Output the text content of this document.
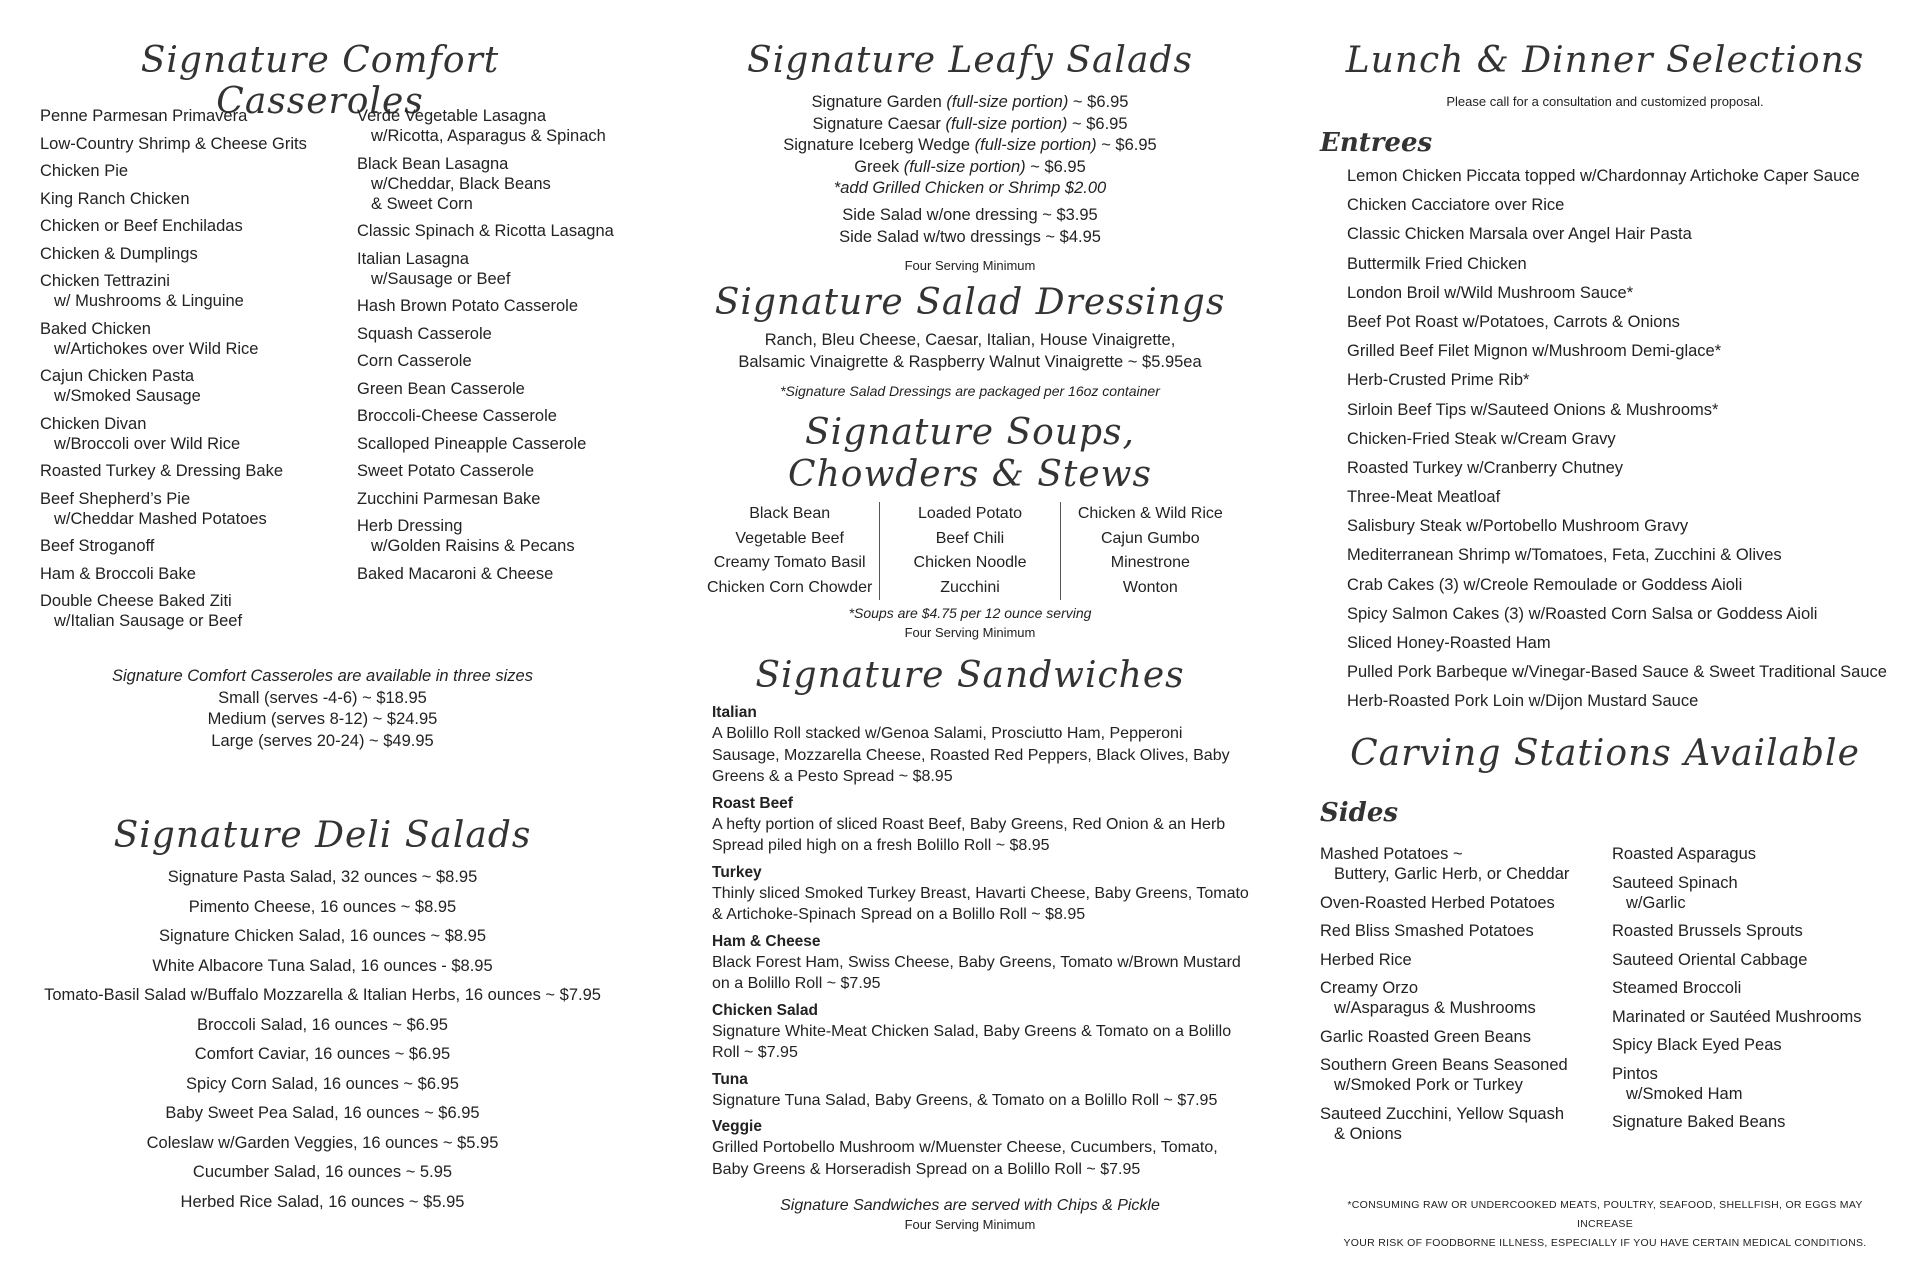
Signature Comfort Casseroles
Penne Parmesan Primavera
Low-Country Shrimp & Cheese Grits
Chicken Pie
King Ranch Chicken
Chicken or Beef Enchiladas
Chicken & Dumplings
Chicken Tettrazini
w/ Mushrooms & Linguine
Baked Chicken
w/Artichokes over Wild Rice
Cajun Chicken Pasta
w/Smoked Sausage
Chicken Divan
w/Broccoli over Wild Rice
Roasted Turkey & Dressing Bake
Beef Shepherd’s Pie
w/Cheddar Mashed Potatoes
Beef Stroganoff
Ham & Broccoli Bake
Double Cheese Baked Ziti
w/Italian Sausage or Beef
Verde Vegetable Lasagna
w/Ricotta, Asparagus & Spinach
Black Bean Lasagna
w/Cheddar, Black Beans
& Sweet Corn
Classic Spinach & Ricotta Lasagna
Italian Lasagna
w/Sausage or Beef
Hash Brown Potato Casserole
Squash Casserole
Corn Casserole
Green Bean Casserole
Broccoli-Cheese Casserole
Scalloped Pineapple Casserole
Sweet Potato Casserole
Zucchini Parmesan Bake
Herb Dressing
w/Golden Raisins & Pecans
Baked Macaroni & Cheese
Signature Comfort Casseroles are available in three sizes
Small (serves -4-6) ~ $18.95
Medium (serves 8-12) ~ $24.95
Large (serves 20-24) ~ $49.95
Signature Deli Salads
Signature Pasta Salad, 32 ounces ~ $8.95
Pimento Cheese, 16 ounces ~ $8.95
Signature Chicken Salad, 16 ounces ~ $8.95
White Albacore Tuna Salad, 16 ounces - $8.95
Tomato-Basil Salad w/Buffalo Mozzarella & Italian Herbs, 16 ounces ~ $7.95
Broccoli Salad, 16 ounces ~ $6.95
Comfort Caviar, 16 ounces ~ $6.95
Spicy Corn Salad, 16 ounces ~ $6.95
Baby Sweet Pea Salad, 16 ounces ~ $6.95
Coleslaw w/Garden Veggies, 16 ounces ~ $5.95
Cucumber Salad, 16 ounces ~ 5.95
Herbed Rice Salad, 16 ounces ~ $5.95
Signature Leafy Salads
Signature Garden (full-size portion) ~ $6.95
Signature Caesar (full-size portion) ~ $6.95
Signature Iceberg Wedge (full-size portion) ~ $6.95
Greek (full-size portion) ~ $6.95
*add Grilled Chicken or Shrimp $2.00
Side Salad w/one dressing ~ $3.95
Side Salad w/two dressings ~ $4.95
Four Serving Minimum
Signature Salad Dressings
Ranch, Bleu Cheese, Caesar, Italian, House Vinaigrette,
Balsamic Vinaigrette & Raspberry Walnut Vinaigrette ~ $5.95ea
*Signature Salad Dressings are packaged per 16oz container
Signature Soups,
Chowders & Stews
Black Bean
Vegetable Beef
Creamy Tomato Basil
Chicken Corn Chowder
Loaded Potato
Beef Chili
Chicken Noodle
Zucchini
Chicken & Wild Rice
Cajun Gumbo
Minestrone
Wonton
*Soups are $4.75 per 12 ounce serving
Four Serving Minimum
Signature Sandwiches
Italian
A Bolillo Roll stacked w/Genoa Salami, Prosciutto Ham, Pepperoni Sausage, Mozzarella Cheese, Roasted Red Peppers, Black Olives, Baby Greens & a Pesto Spread ~ $8.95
Roast Beef
A hefty portion of sliced Roast Beef, Baby Greens, Red Onion & an Herb Spread piled high on a fresh Bolillo Roll ~ $8.95
Turkey
Thinly sliced Smoked Turkey Breast, Havarti Cheese, Baby Greens, Tomato & Artichoke-Spinach Spread on a Bolillo Roll ~ $8.95
Ham & Cheese
Black Forest Ham, Swiss Cheese, Baby Greens, Tomato w/Brown Mustard on a Bolillo Roll ~ $7.95
Chicken Salad
Signature White-Meat Chicken Salad, Baby Greens & Tomato on a Bolillo Roll ~ $7.95
Tuna
Signature Tuna Salad, Baby Greens, & Tomato on a Bolillo Roll ~ $7.95
Veggie
Grilled Portobello Mushroom w/Muenster Cheese, Cucumbers, Tomato, Baby Greens & Horseradish Spread on a Bolillo Roll ~ $7.95
Signature Sandwiches are served with Chips & Pickle
Four Serving Minimum
Lunch & Dinner Selections
Please call for a consultation and customized proposal.
Entrees
Lemon Chicken Piccata topped w/Chardonnay Artichoke Caper Sauce
Chicken Cacciatore over Rice
Classic Chicken Marsala over Angel Hair Pasta
Buttermilk Fried Chicken
London Broil w/Wild Mushroom Sauce*
Beef Pot Roast w/Potatoes, Carrots & Onions
Grilled Beef Filet Mignon w/Mushroom Demi-glace*
Herb-Crusted Prime Rib*
Sirloin Beef Tips w/Sauteed Onions & Mushrooms*
Chicken-Fried Steak w/Cream Gravy
Roasted Turkey w/Cranberry Chutney
Three-Meat Meatloaf
Salisbury Steak w/Portobello Mushroom Gravy
Mediterranean Shrimp w/Tomatoes, Feta, Zucchini & Olives
Crab Cakes (3) w/Creole Remoulade or Goddess Aioli
Spicy Salmon Cakes (3) w/Roasted Corn Salsa or Goddess Aioli
Sliced Honey-Roasted Ham
Pulled Pork Barbeque w/Vinegar-Based Sauce & Sweet Traditional Sauce
Herb-Roasted Pork Loin w/Dijon Mustard Sauce
Carving Stations Available
Sides
Mashed Potatoes ~
Buttery, Garlic Herb, or Cheddar
Oven-Roasted Herbed Potatoes
Red Bliss Smashed Potatoes
Herbed Rice
Creamy Orzo
w/Asparagus & Mushrooms
Garlic Roasted Green Beans
Southern Green Beans Seasoned
w/Smoked Pork or Turkey
Sauteed Zucchini, Yellow Squash
& Onions
Roasted Asparagus
Sauteed Spinach
w/Garlic
Roasted Brussels Sprouts
Sauteed Oriental Cabbage
Steamed Broccoli
Marinated or Sautéed Mushrooms
Spicy Black Eyed Peas
Pintos
w/Smoked Ham
Signature Baked Beans
*CONSUMING RAW OR UNDERCOOKED MEATS, POULTRY, SEAFOOD, SHELLFISH, OR EGGS MAY INCREASE
YOUR RISK OF FOODBORNE ILLNESS, ESPECIALLY IF YOU HAVE CERTAIN MEDICAL CONDITIONS.
